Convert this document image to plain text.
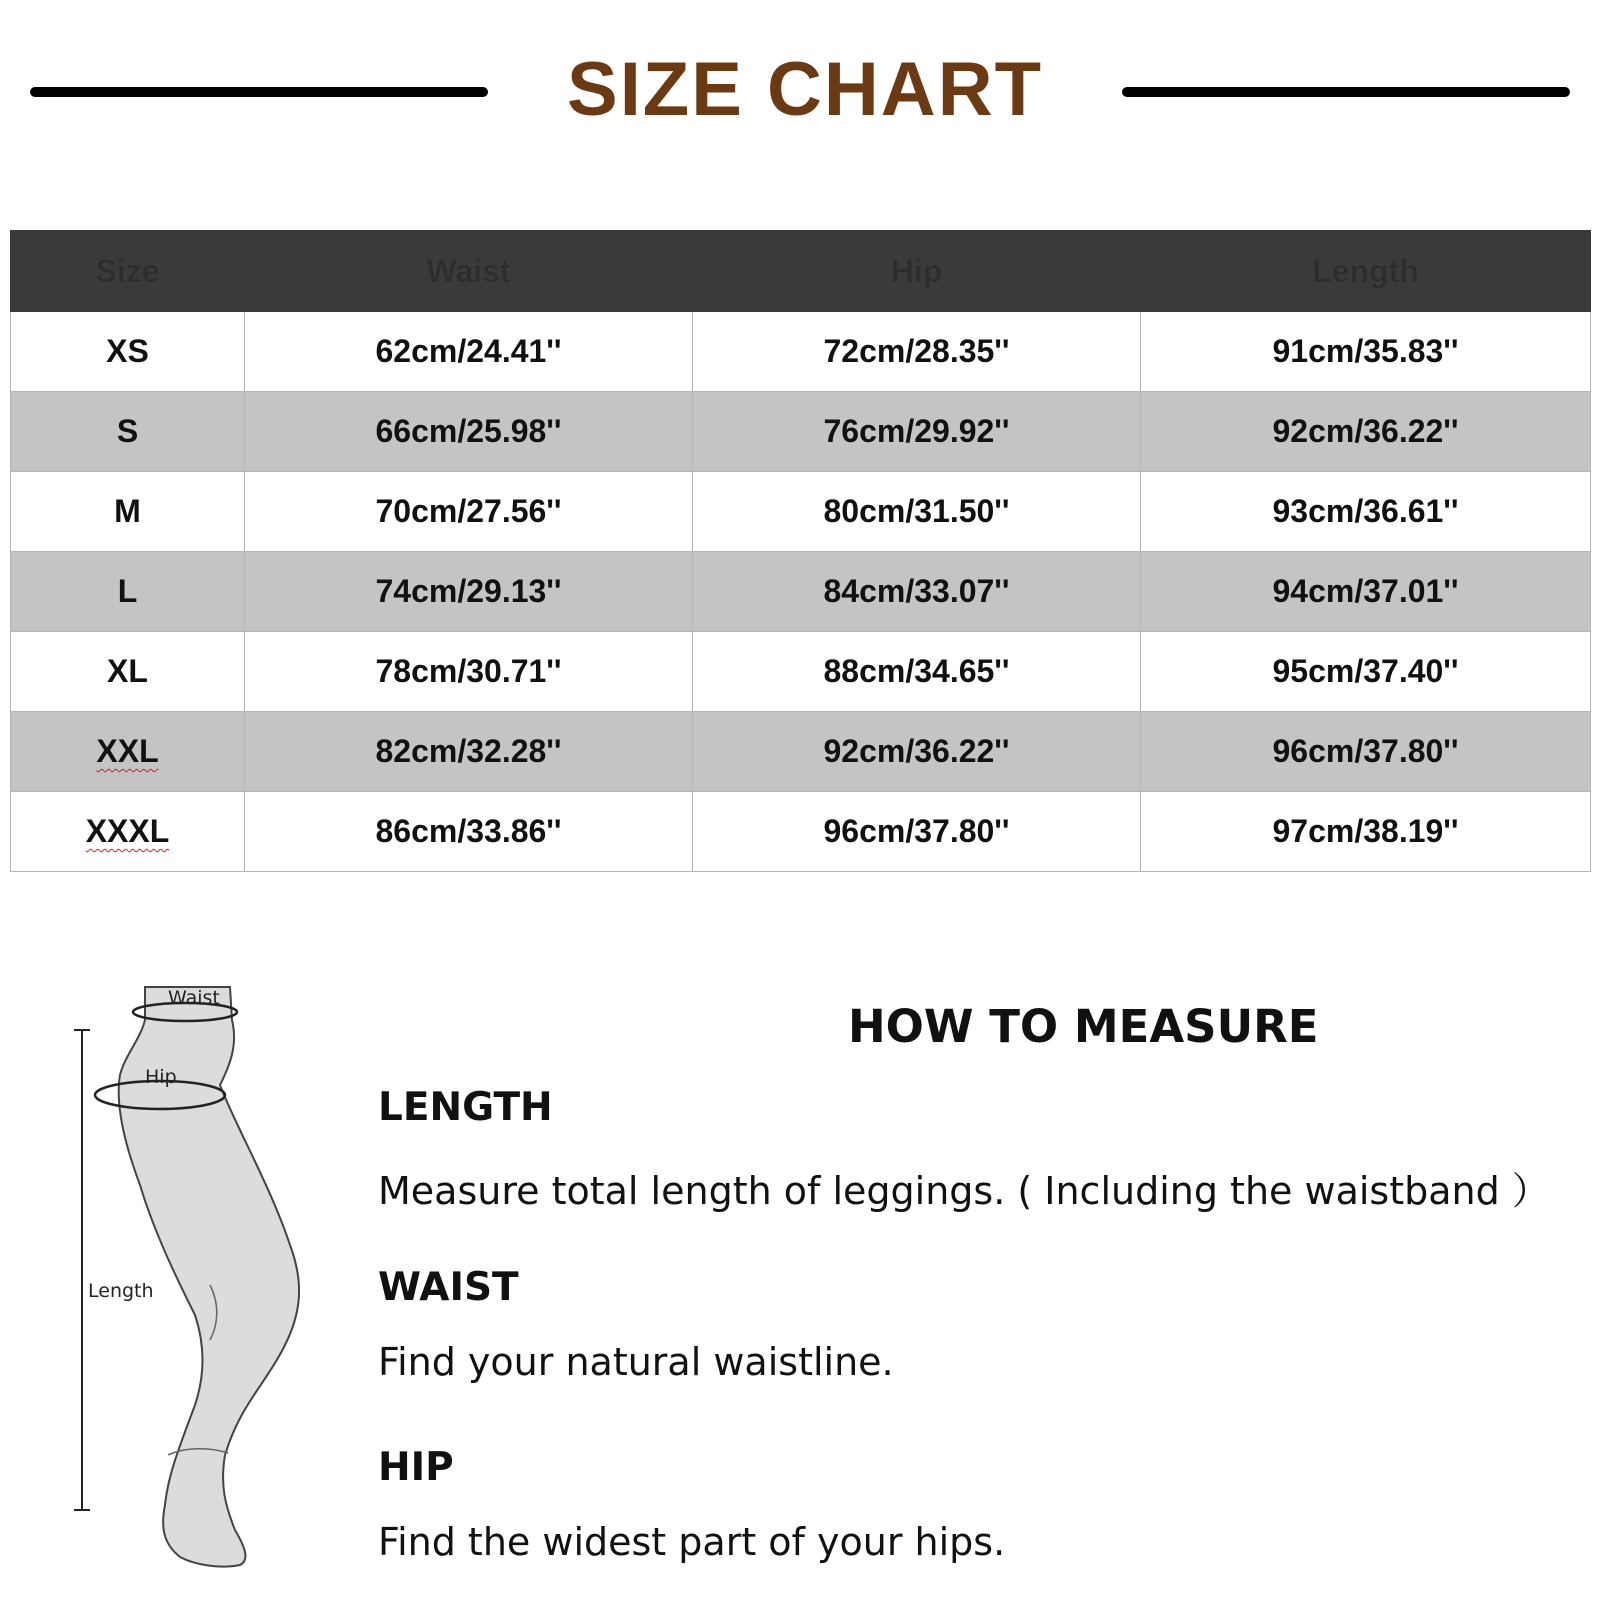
SIZE CHART
Size	Waist	Hip	Length
XS	62cm/24.41''	72cm/28.35''	91cm/35.83''
S	66cm/25.98''	76cm/29.92''	92cm/36.22''
M	70cm/27.56''	80cm/31.50''	93cm/36.61''
L	74cm/29.13''	84cm/33.07''	94cm/37.01''
XL	78cm/30.71''	88cm/34.65''	95cm/37.40''
XXL	82cm/32.28''	92cm/36.22''	96cm/37.80''
XXXL	86cm/33.86''	96cm/37.80''	97cm/38.19''
Waist
Hip
Length
HOW TO MEASURE
LENGTH
Measure total length of leggings. ( Including the waistband ）
WAIST
Find your natural waistline.
HIP
Find the widest part of your hips.
